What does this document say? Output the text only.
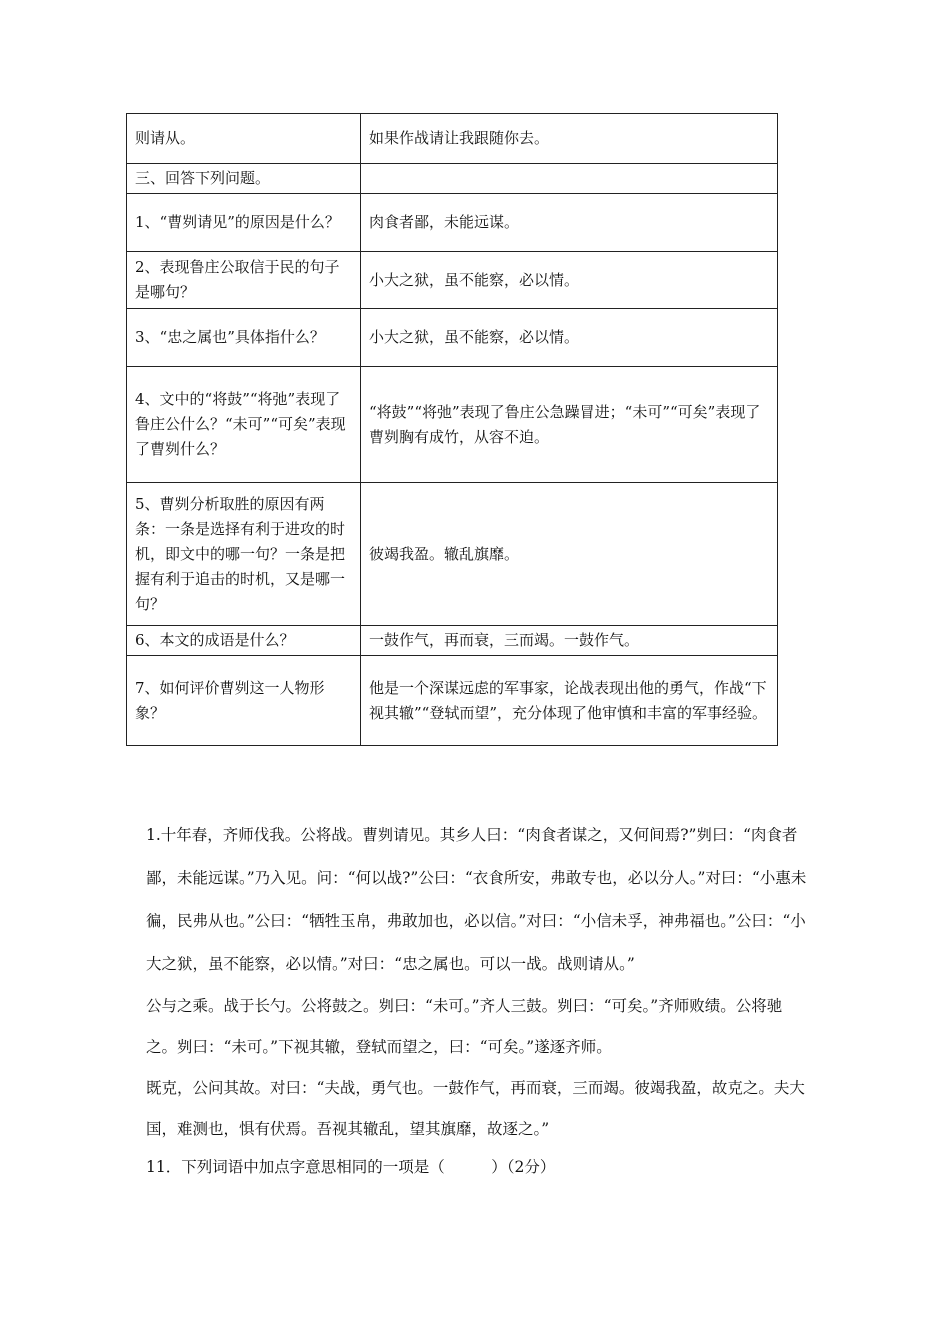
则请从。	如果作战请让我跟随你去。
三、回答下列问题。	
1、“曹刿请见”的原因是什么？	肉食者鄙，未能远谋。
2、表现鲁庄公取信于民的句子是哪句？	小大之狱，虽不能察，必以情。
3、“忠之属也”具体指什么？	小大之狱，虽不能察，必以情。
4、文中的“将鼓”“将弛”表现了鲁庄公什么？“未可”“可矣”表现了曹刿什么？	“将鼓”“将弛”表现了鲁庄公急躁冒进；“未可”“可矣”表现了曹刿胸有成竹，从容不迫。
5、曹刿分析取胜的原因有两条：一条是选择有利于进攻的时机，即文中的哪一句？一条是把握有利于追击的时机，又是哪一句？	彼竭我盈。辙乱旗靡。
6、本文的成语是什么？	一鼓作气，再而衰，三而竭。一鼓作气。
7、如何评价曹刿这一人物形象？	他是一个深谋远虑的军事家，论战表现出他的勇气，作战“下视其辙”“登轼而望”，充分体现了他审慎和丰富的军事经验。

1.十年春，齐师伐我。公将战。曹刿请见。其乡人曰：“肉食者谋之，又何间焉?”刿曰：“肉食者鄙，未能远谋。”乃入见。问：“何以战?”公曰：“衣食所安，弗敢专也，必以分人。”对曰：“小惠未徧，民弗从也。”公曰：“牺牲玉帛，弗敢加也，必以信。”对曰：“小信未孚，神弗福也。”公曰：“小大之狱，虽不能察，必以情。”对曰：“忠之属也。可以一战。战则请从。”

公与之乘。战于长勺。公将鼓之。刿曰：“未可。”齐人三鼓。刿曰：“可矣。”齐师败绩。公将驰之。刿曰：“未可。”下视其辙，登轼而望之，曰：“可矣。”遂逐齐师。

既克，公问其故。对曰：“夫战，勇气也。一鼓作气，再而衰，三而竭。彼竭我盈，故克之。夫大国，难测也，惧有伏焉。吾视其辙乱，望其旗靡，故逐之。”

11．下列词语中加点字意思相同的一项是（　　　）（2分）
